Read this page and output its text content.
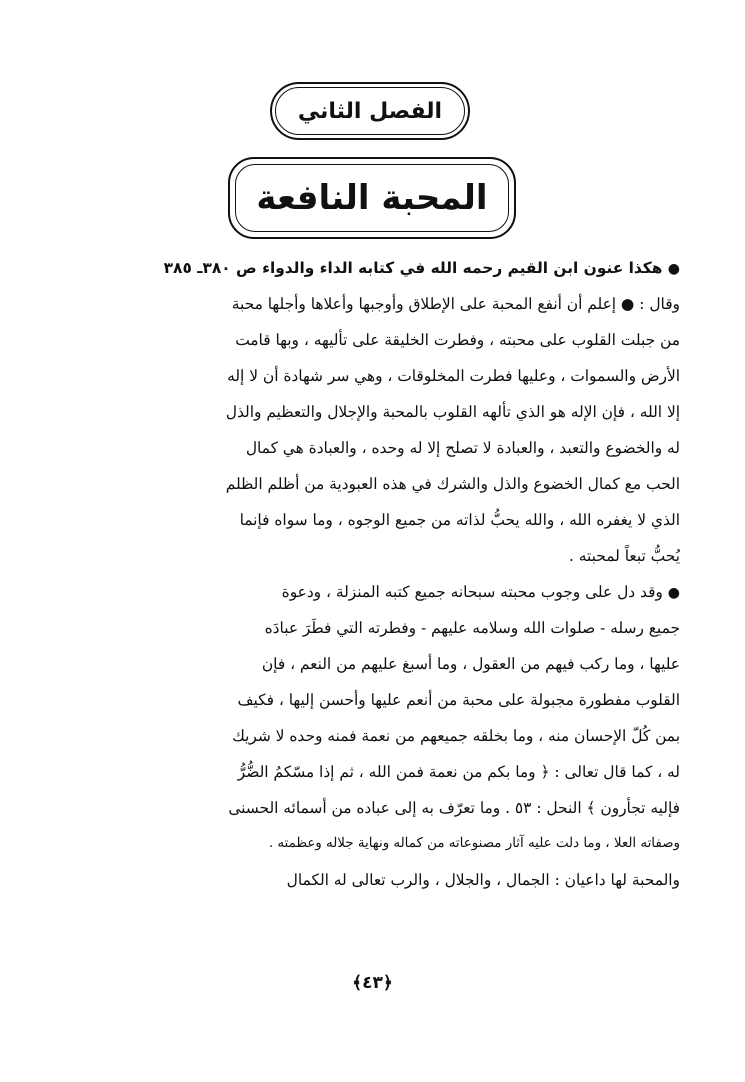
الفصل الثاني
المحبة النافعة
● هكذا عنون ابن القيم رحمه الله في كتابه الداء والدواء ص ٣٨٠ـ ٣٨٥
وقال : ● إعلم أن أنفع المحبة على الإطلاق وأوجبها وأعلاها وأجلها محبة
من جبلت القلوب على محبته ، وفطرت الخليقة على تأليهه ، وبها قامت
الأرض والسموات ، وعليها فطرت المخلوقات ، وهي سر شهادة أن لا إله
إلا الله ، فإن الإله هو الذي تألهه القلوب بالمحبة والإجلال والتعظيم والذل
له والخضوع والتعبد ، والعبادة لا تصلح إلا له وحده ، والعبادة هي كمال
الحب مع كمال الخضوع والذل والشرك في هذه العبودية من أظلم الظلم
الذي لا يغفره الله ، والله يحبُّ لذاته من جميع الوجوه ، وما سواه فإنما
يُحبُّ تبعاً لمحبته .
● وقد دل على وجوب محبته سبحانه جميع كتبه المنزلة ، ودعوة
جميع رسله - صلوات الله وسلامه عليهم - وفطرته التي فطَرَ عبادَه
عليها ، وما ركب فيهم من العقول ، وما أسبغ عليهم من النعم ، فإن
القلوب مفطورة مجبولة على محبة من أنعم عليها وأحسن إليها ، فكيف
بمن كُلّ الإحسان منه ، وما بخلقه جميعهم من نعمة فمنه وحده لا شريك
له ، كما قال تعالى : ﴿ وما بكم من نعمة فمن الله ، ثم إذا مسّكمُ الضُّرُّ
فإليه تجأرون ﴾ النحل : ٥٣ . وما تعرّف به إلى عباده من أسمائه الحسنى
وصفاته العلا ، وما دلت عليه آثار مصنوعاته من كماله ونهاية جلاله وعظمته .
والمحبة لها داعيان : الجمال ، والجلال ، والرب تعالى له الكمال
﴿٤٣﴾
